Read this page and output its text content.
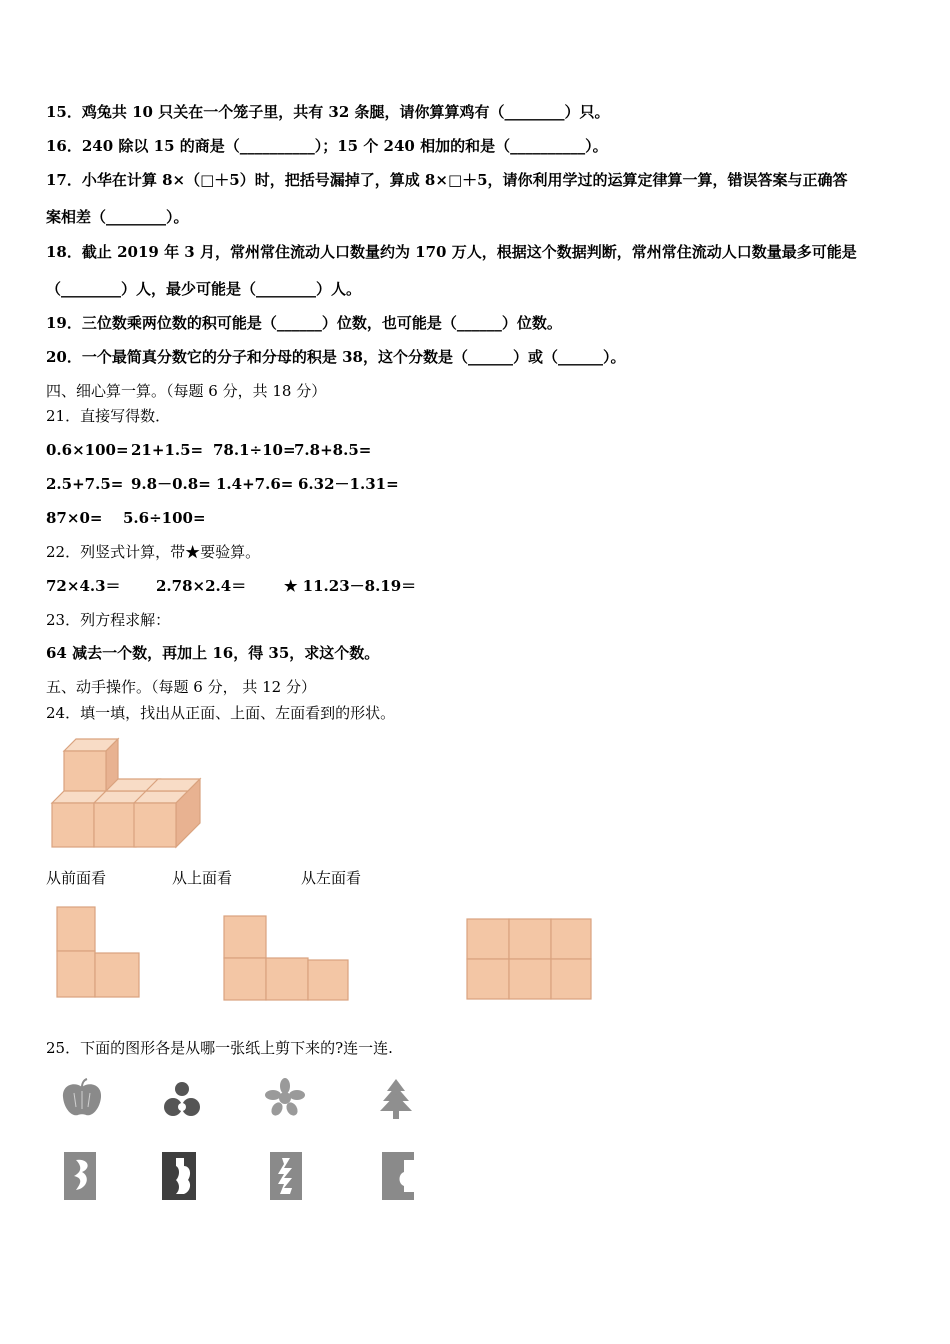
15．鸡兔共 10 只关在一个笼子里，共有 32 条腿，请你算算鸡有（________）只。
16．240 除以 15 的商是（__________）；15 个 240 相加的和是（__________）。
17．小华在计算 8×（□＋5）时，把括号漏掉了，算成 8×□＋5，请你利用学过的运算定律算一算，错误答案与正确答
案相差（________）。
18．截止 2019 年 3 月，常州常住流动人口数量约为 170 万人，根据这个数据判断，常州常住流动人口数量最多可能是
（________）人，最少可能是（________）人。
19．三位数乘两位数的积可能是（______）位数，也可能是（______）位数。
20．一个最简真分数它的分子和分母的积是 38，这个分数是（______）或（______）。
四、细心算一算。（每题 6 分，共 18 分）
21．直接写得数．
0.6×100= 21+1.5= 78.1÷10=
7.8+8.5=
2.5+7.5= 9.8－0.8= 1.4+7.6= 6.32－1.31=
87×0= 5.6÷100=
22．列竖式计算，带★要验算。
72×4.3＝ 2.78×2.4＝	★ 11.23－8.19＝
23．列方程求解：
64 减去一个数，再加上 16，得 35，求这个数。
五、动手操作。（每题 6 分， 共 12 分）
24．填一填，找出从正面、上面、左面看到的形状。
从前面看	从上面看	从左面看
25．下面的图形各是从哪一张纸上剪下来的?连一连.
